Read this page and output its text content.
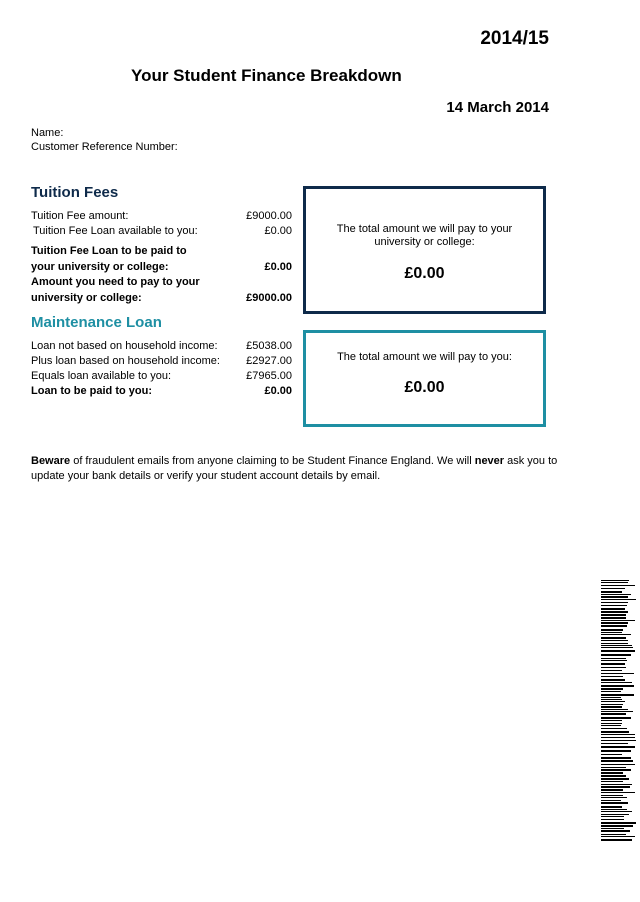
2014/15
Your Student Finance Breakdown
14 March 2014
Name:
Customer Reference Number:
Tuition Fees
Tuition Fee amount:	£9000.00
Tuition Fee Loan available to you:	£0.00
Tuition Fee Loan to be paid to
your university or college:	£0.00
Amount you need to pay to your
university or college:	£9000.00
The total amount we will pay to your university or college:
£0.00
Maintenance Loan
Loan not based on household income:	£5038.00
Plus loan based on household income: £2927.00
Equals loan available to you:	£7965.00
Loan to be paid to you:	£0.00
The total amount we will pay to you:
£0.00
Beware of fraudulent emails from anyone claiming to be Student Finance England. We will never ask you to update your bank details or verify your student account details by email.
